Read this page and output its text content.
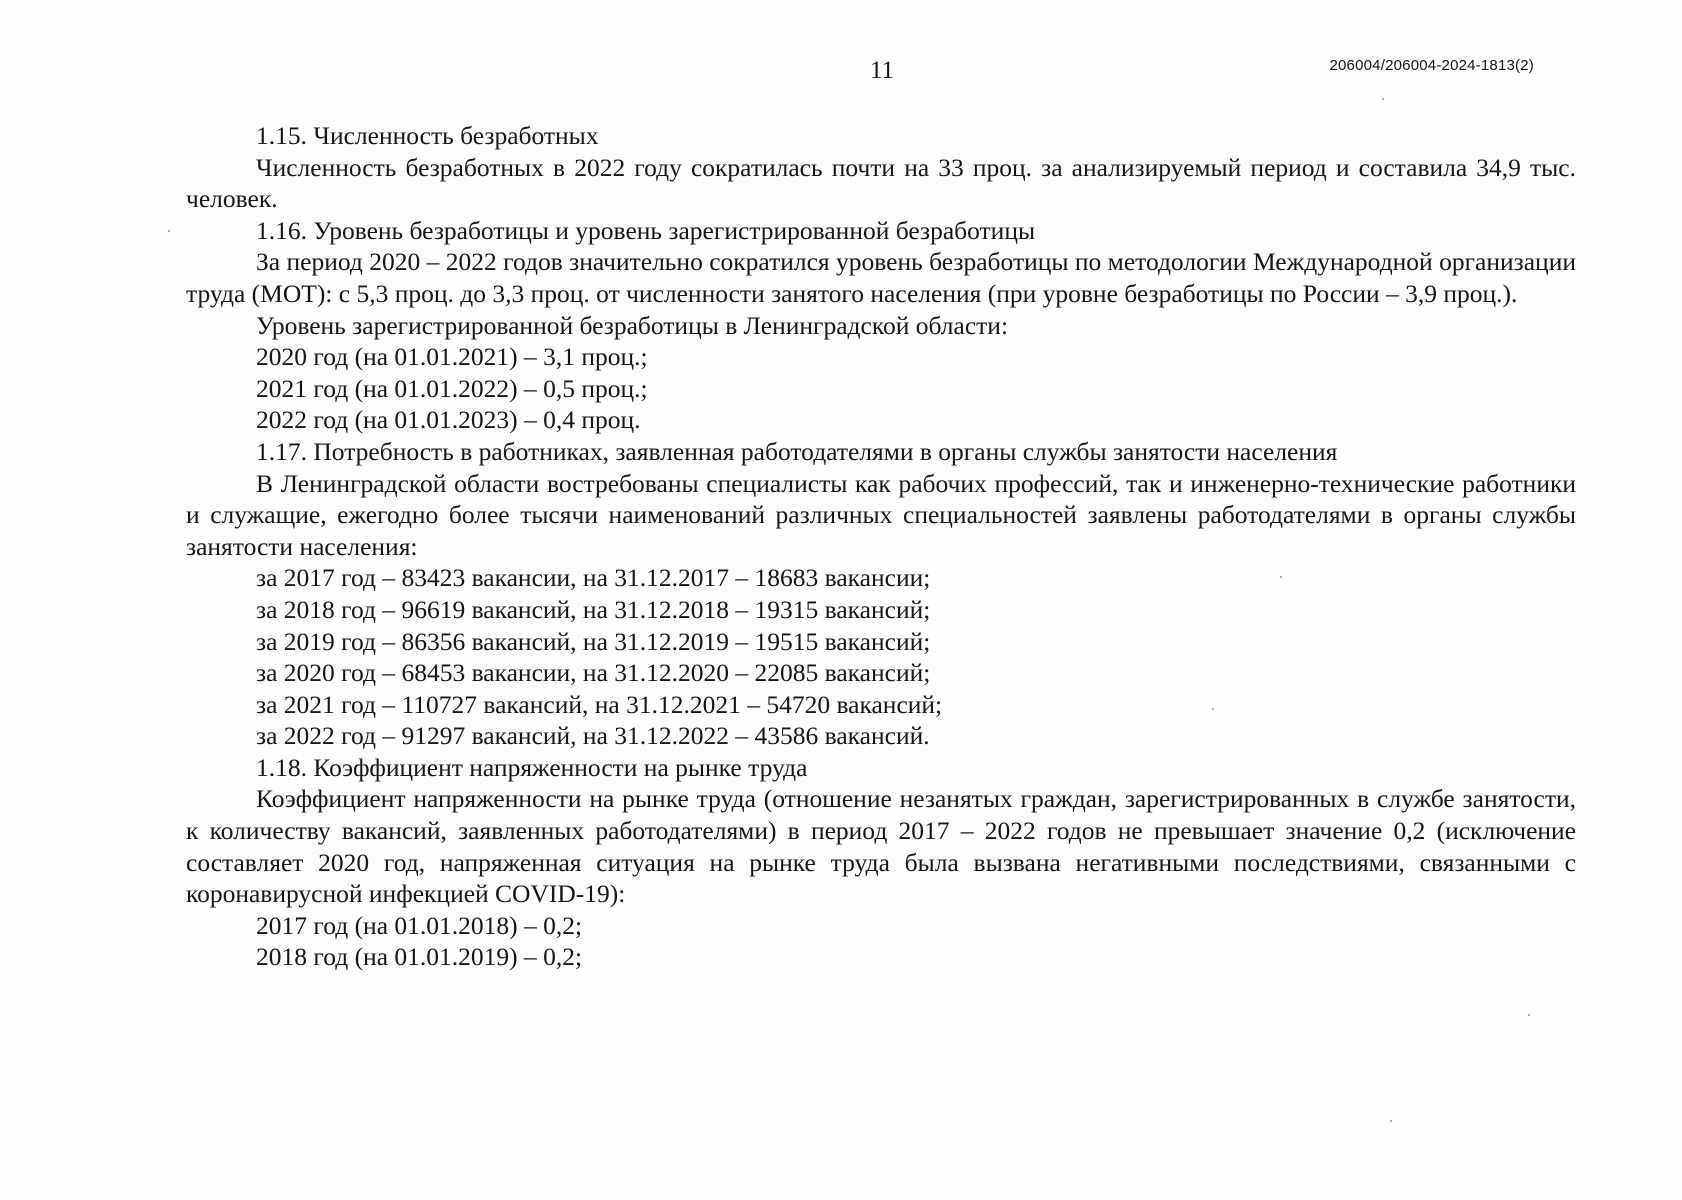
11	206004/206004-2024-1813(2)

1.15. Численность безработных

Численность безработных в 2022 году сократилась почти на 33 проц. за анализируемый период и составила 34,9 тыс. человек.

1.16. Уровень безработицы и уровень зарегистрированной безработицы

За период 2020 – 2022 годов значительно сократился уровень безработицы по методологии Международной организации труда (МОТ): с 5,3 проц. до 3,3 проц. от численности занятого населения (при уровне безработицы по России – 3,9 проц.).

Уровень зарегистрированной безработицы в Ленинградской области:

2020 год (на 01.01.2021) – 3,1 проц.;

2021 год (на 01.01.2022) – 0,5 проц.;

2022 год (на 01.01.2023) – 0,4 проц.

1.17. Потребность в работниках, заявленная работодателями в органы службы занятости населения

В Ленинградской области востребованы специалисты как рабочих профессий, так и инженерно-технические работники и служащие, ежегодно более тысячи наименований различных специальностей заявлены работодателями в органы службы занятости населения:

за 2017 год – 83423 вакансии, на 31.12.2017 – 18683 вакансии;

за 2018 год – 96619 вакансий, на 31.12.2018 – 19315 вакансий;

за 2019 год – 86356 вакансий, на 31.12.2019 – 19515 вакансий;

за 2020 год – 68453 вакансии, на 31.12.2020 – 22085 вакансий;

за 2021 год – 110727 вакансий, на 31.12.2021 – 54720 вакансий;

за 2022 год – 91297 вакансий, на 31.12.2022 – 43586 вакансий.

1.18. Коэффициент напряженности на рынке труда

Коэффициент напряженности на рынке труда (отношение незанятых граждан, зарегистрированных в службе занятости, к количеству вакансий, заявленных работодателями) в период 2017 – 2022 годов не превышает значение 0,2 (исключение составляет 2020 год, напряженная ситуация на рынке труда была вызвана негативными последствиями, связанными с коронавирусной инфекцией COVID-19):

2017 год (на 01.01.2018) – 0,2;

2018 год (на 01.01.2019) – 0,2;
